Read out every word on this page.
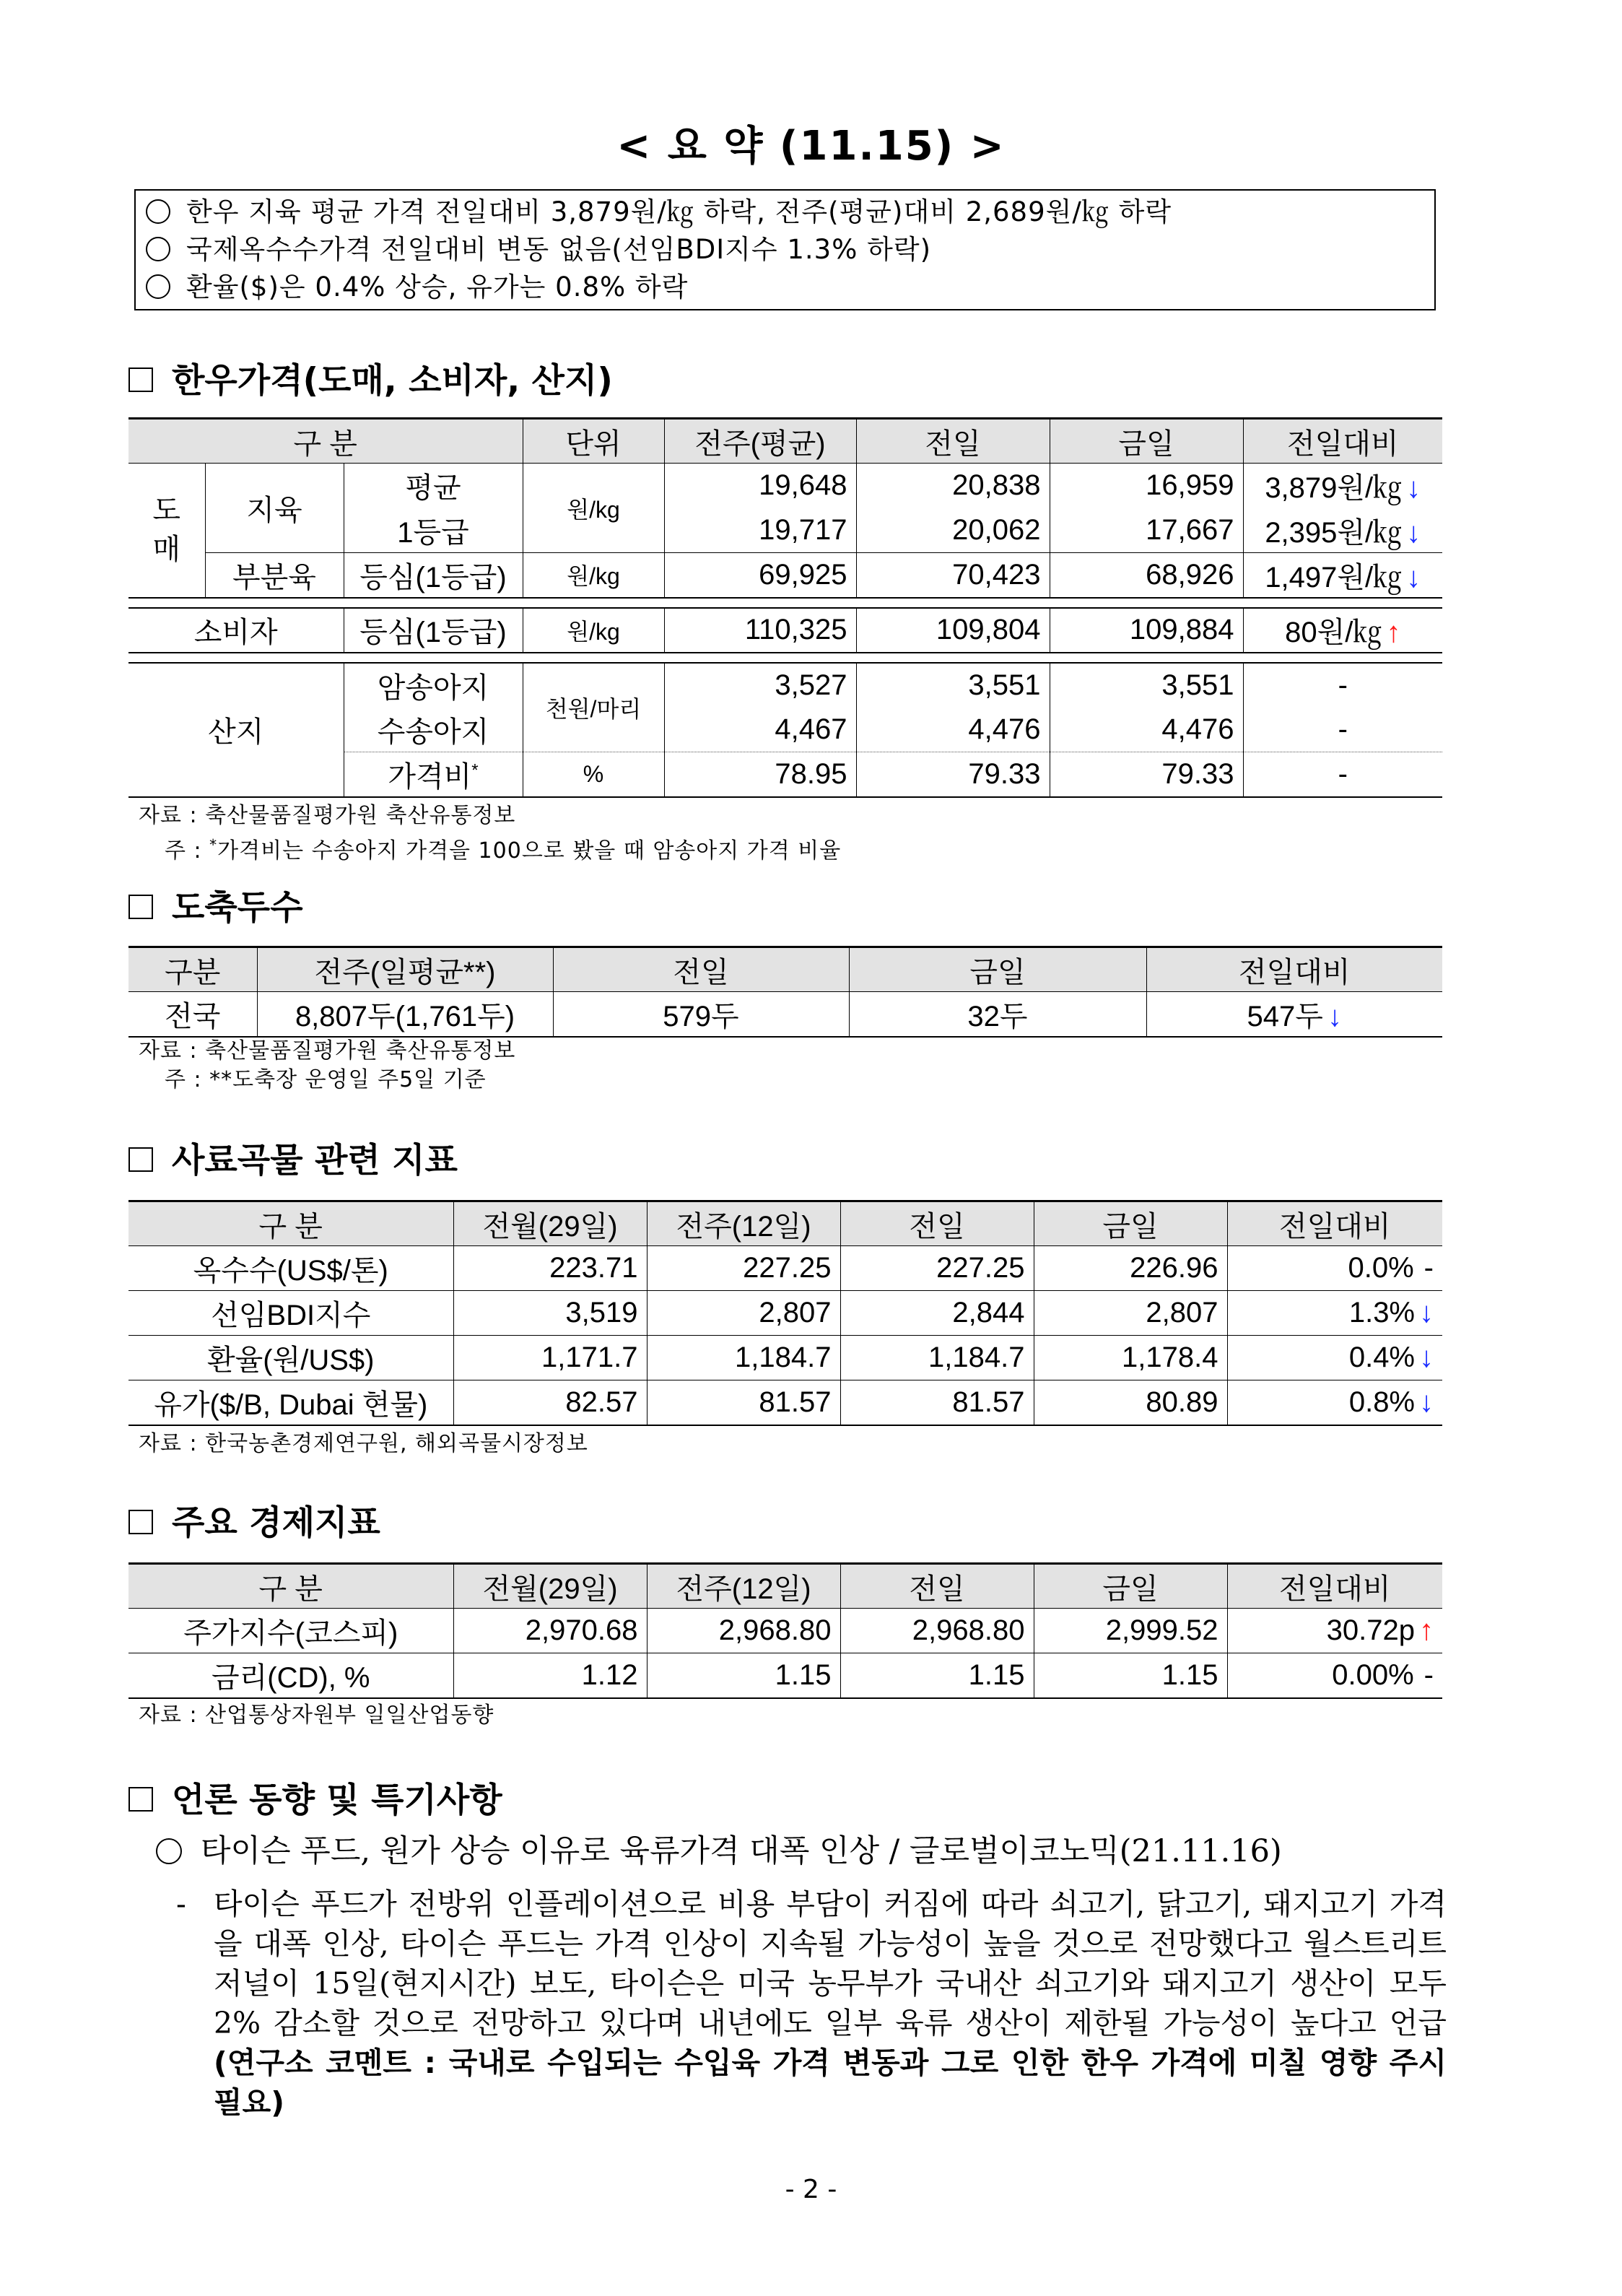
< 요 약 (11.15) >
한우 지육 평균 가격 전일대비 3,879원/㎏ 하락, 전주(평균)대비 2,689원/㎏ 하락
국제옥수수가격 전일대비 변동 없음(선임BDI지수 1.3% 하락)
환율($)은 0.4% 상승, 유가는 0.8% 하락
한우가격(도매, 소비자, 산지)
구 분			단위	전주(평균)	전일	금일	전일대비
도
매	지육	평균	원/kg	19,648	20,838	16,959	3,879원/㎏ ↓
		1등급		19,717	20,062	17,667	2,395원/㎏ ↓
	부분육	등심(1등급)	원/kg	69,925	70,423	68,926	1,497원/㎏ ↓

소비자		등심(1등급)	원/kg	110,325	109,804	109,884	80원/㎏ ↑

산지		암송아지	천원/마리	3,527	3,551	3,551	-
		수송아지		4,467	4,476	4,476	-
		가격비*	%	78.95	79.33	79.33	-
자료 : 축산물품질평가원 축산유통정보
주 : *가격비는 수송아지 가격을 100으로 봤을 때 암송아지 가격 비율
도축두수
구분	전주(일평균**)	전일	금일	전일대비
전국	8,807두(1,761두)	579두	32두	547두 ↓
자료 : 축산물품질평가원 축산유통정보
주 : **도축장 운영일 주5일 기준
사료곡물 관련 지표
구 분	전월(29일)	전주(12일)	전일	금일	전일대비
옥수수(US$/톤)	223.71	227.25	227.25	226.96	0.0% -
선임BDI지수	3,519	2,807	2,844	2,807	1.3% ↓
환율(원/US$)	1,171.7	1,184.7	1,184.7	1,178.4	0.4% ↓
유가($/B, Dubai 현물)	82.57	81.57	81.57	80.89	0.8% ↓
자료 : 한국농촌경제연구원, 해외곡물시장정보
주요 경제지표
구 분	전월(29일)	전주(12일)	전일	금일	전일대비
주가지수(코스피)	2,970.68	2,968.80	2,968.80	2,999.52	30.72p ↑
금리(CD), %	1.12	1.15	1.15	1.15	0.00% -
자료 : 산업통상자원부 일일산업동향
언론 동향 및 특기사항
타이슨 푸드, 원가 상승 이유로 육류가격 대폭 인상 / 글로벌이코노믹(21.11.16)
- 타이슨 푸드가 전방위 인플레이션으로 비용 부담이 커짐에 따라 쇠고기, 닭고기, 돼지고기 가격을 대폭 인상, 타이슨 푸드는 가격 인상이 지속될 가능성이 높을 것으로 전망했다고 월스트리트저널이 15일(현지시간) 보도, 타이슨은 미국 농무부가 국내산 쇠고기와 돼지고기 생산이 모두 2% 감소할 것으로 전망하고 있다며 내년에도 일부 육류 생산이 제한될 가능성이 높다고 언급 (연구소 코멘트 : 국내로 수입되는 수입육 가격 변동과 그로 인한 한우 가격에 미칠 영향 주시 필요)
- 2 -
